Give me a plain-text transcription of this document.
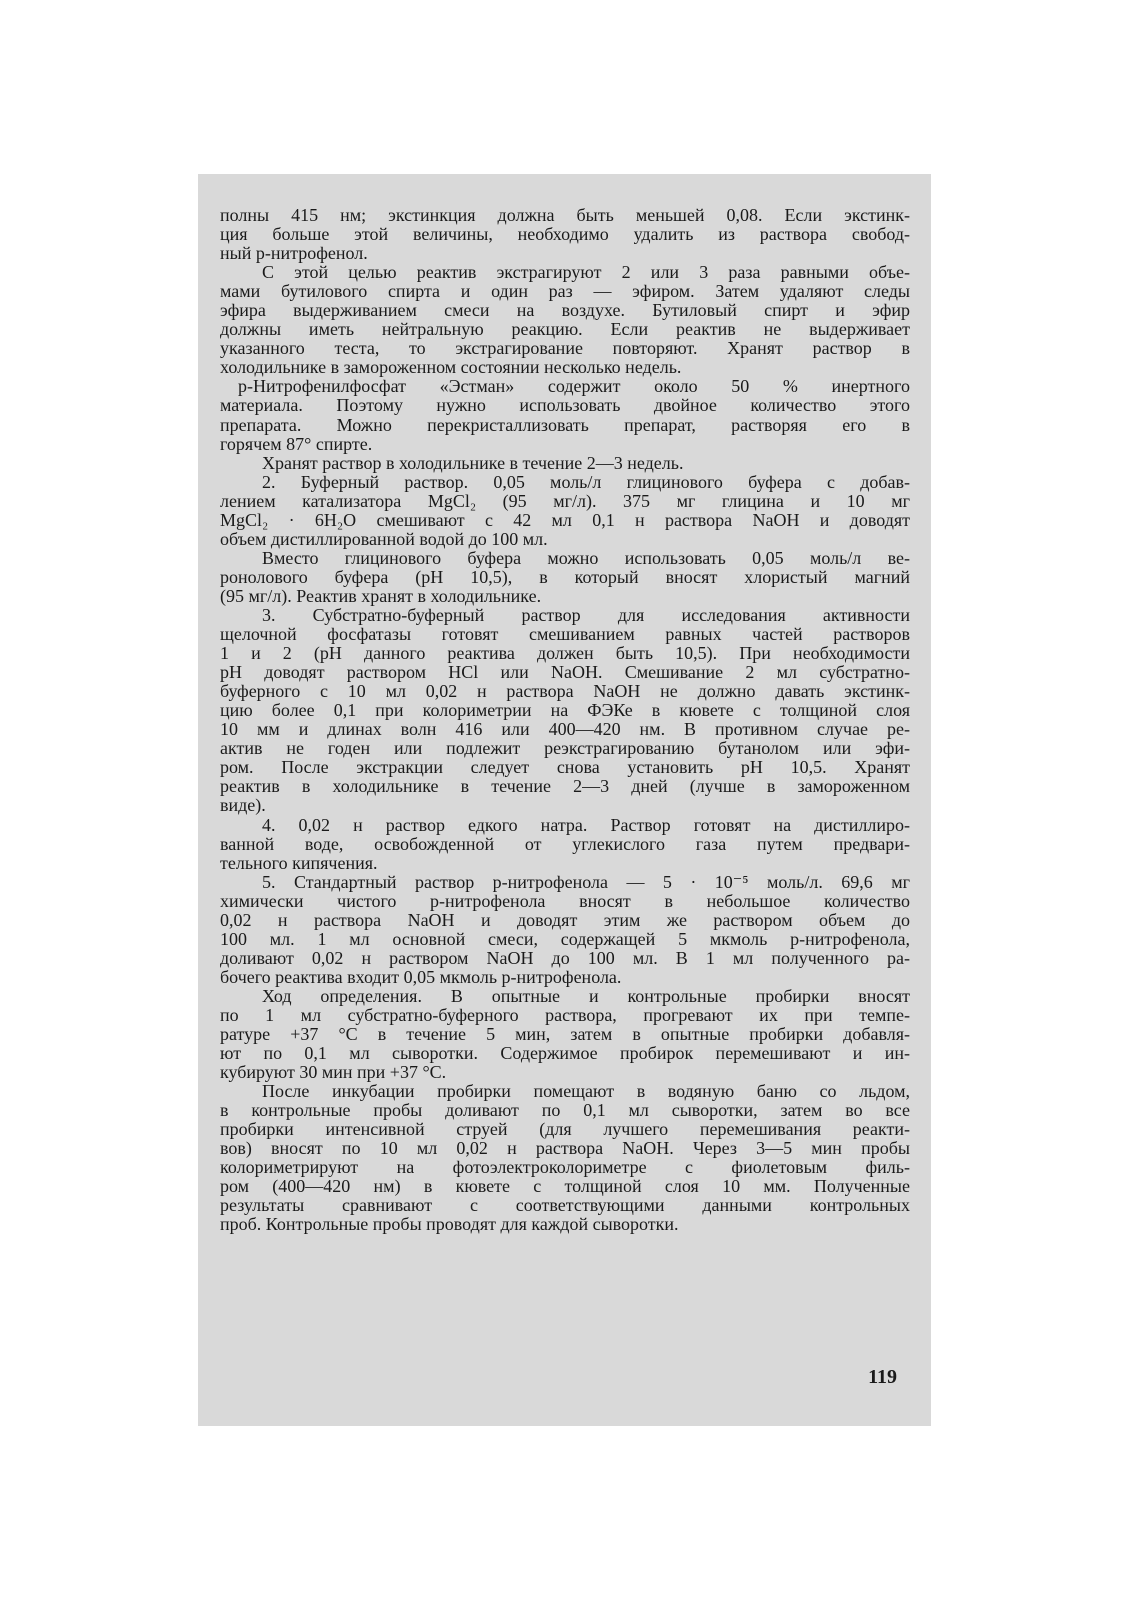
полны 415 нм; экстинкция должна быть меньшей 0,08. Если экстинк-
ция больше этой величины, необходимо удалить из раствора свобод-
ный р-нитрофенол.
С этой целью реактив экстрагируют 2 или 3 раза равными объе-
мами бутилового спирта и один раз — эфиром. Затем удаляют следы
эфира выдерживанием смеси на воздухе. Бутиловый спирт и эфир
должны иметь нейтральную реакцию. Если реактив не выдерживает
указанного теста, то экстрагирование повторяют. Хранят раствор в
холодильнике в замороженном состоянии несколько недель.
р-Нитрофенилфосфат «Эстман» содержит около 50 % инертного
материала. Поэтому нужно использовать двойное количество этого
препарата. Можно перекристаллизовать препарат, растворяя его в
горячем 87° спирте.
Хранят раствор в холодильнике в течение 2—3 недель.
2. Буферный раствор. 0,05 моль/л глицинового буфера с добав-
лением катализатора MgCl₂ (95 мг/л). 375 мг глицина и 10 мг
MgCl₂ · 6H₂O смешивают с 42 мл 0,1 н раствора NaOH и доводят
объем дистиллированной водой до 100 мл.
Вместо глицинового буфера можно использовать 0,05 моль/л ве-
ронолового буфера (pH 10,5), в который вносят хлористый магний
(95 мг/л). Реактив хранят в холодильнике.
3. Субстратно-буферный раствор для исследования активности
щелочной фосфатазы готовят смешиванием равных частей растворов
1 и 2 (pH данного реактива должен быть 10,5). При необходимости
pH доводят раствором HCl или NaOH. Смешивание 2 мл субстратно-
буферного с 10 мл 0,02 н раствора NaOH не должно давать экстинк-
цию более 0,1 при колориметрии на ФЭКе в кювете с толщиной слоя
10 мм и длинах волн 416 или 400—420 нм. В противном случае ре-
актив не годен или подлежит реэкстрагированию бутанолом или эфи-
ром. После экстракции следует снова установить pH 10,5. Хранят
реактив в холодильнике в течение 2—3 дней (лучше в замороженном
виде).
4. 0,02 н раствор едкого натра. Раствор готовят на дистиллиро-
ванной воде, освобожденной от углекислого газа путем предвари-
тельного кипячения.
5. Стандартный раствор р-нитрофенола — 5 · 10⁻⁵ моль/л. 69,6 мг
химически чистого р-нитрофенола вносят в небольшое количество
0,02 н раствора NaOH и доводят этим же раствором объем до
100 мл. 1 мл основной смеси, содержащей 5 мкмоль р-нитрофенола,
доливают 0,02 н раствором NaOH до 100 мл. В 1 мл полученного ра-
бочего реактива входит 0,05 мкмоль р-нитрофенола.
Ход определения. В опытные и контрольные пробирки вносят
по 1 мл субстратно-буферного раствора, прогревают их при темпе-
ратуре +37 °С в течение 5 мин, затем в опытные пробирки добавля-
ют по 0,1 мл сыворотки. Содержимое пробирок перемешивают и ин-
кубируют 30 мин при +37 °С.
После инкубации пробирки помещают в водяную баню со льдом,
в контрольные пробы доливают по 0,1 мл сыворотки, затем во все
пробирки интенсивной струей (для лучшего перемешивания реакти-
вов) вносят по 10 мл 0,02 н раствора NaOH. Через 3—5 мин пробы
колориметрируют на фотоэлектроколориметре с фиолетовым филь-
ром (400—420 нм) в кювете с толщиной слоя 10 мм. Полученные
результаты сравнивают с соответствующими данными контрольных
проб. Контрольные пробы проводят для каждой сыворотки.
119
